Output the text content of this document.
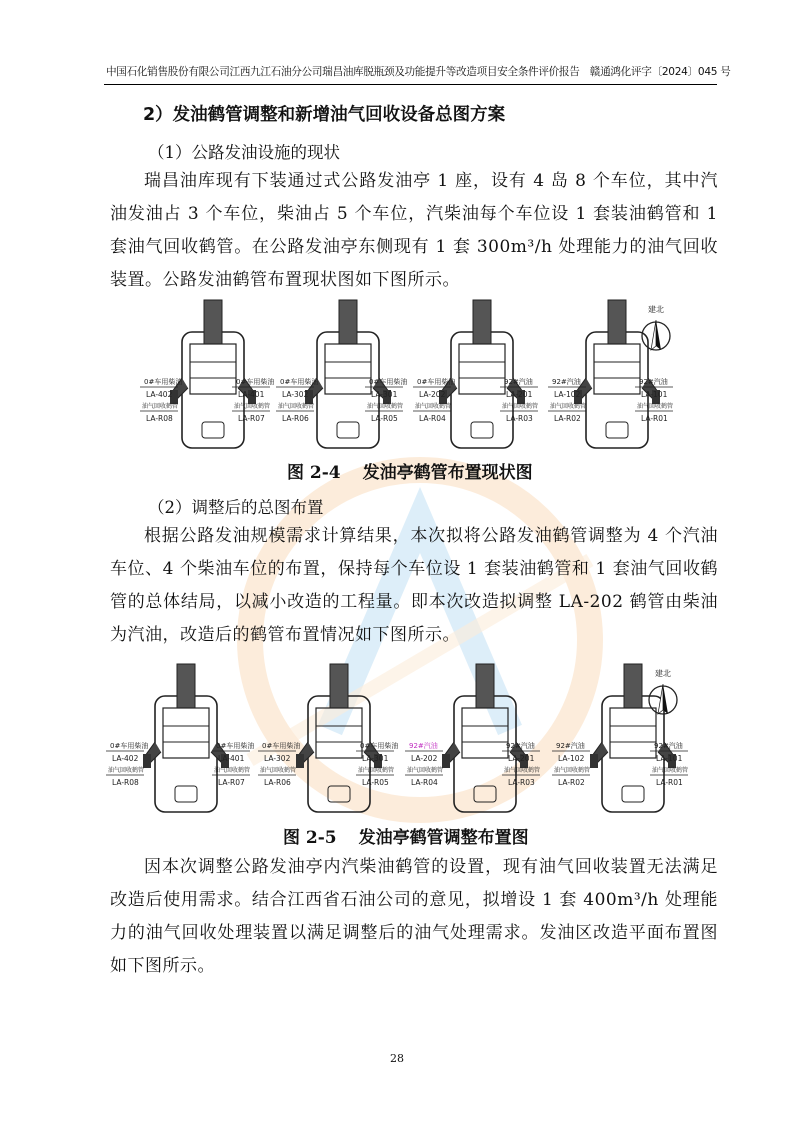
中国石化销售股份有限公司江西九江石油分公司瑞昌油库脱瓶颈及功能提升等改造项目安全条件评价报告　赣通鸿化评字〔2024〕045 号
2）发油鹤管调整和新增油气回收设备总图方案
（1）公路发油设施的现状
瑞昌油库现有下装通过式公路发油亭 1 座，设有 4 岛 8 个车位，其中汽油发油占 3 个车位，柴油占 5 个车位，汽柴油每个车位设 1 套装油鹤管和 1 套油气回收鹤管。在公路发油亭东侧现有 1 套 300m³/h 处理能力的油气回收装置。公路发油鹤管布置现状图如下图所示。
0#车用柴油
LA-402
油气回收鹤管
LA-R08
0#车用柴油
LA-401
油气回收鹤管
LA-R07
0#车用柴油
LA-302
油气回收鹤管
LA-R06
0#车用柴油
LA-301
油气回收鹤管
LA-R05
0#车用柴油
LA-202
油气回收鹤管
LA-R04
92#汽油
LA-201
油气回收鹤管
LA-R03
92#汽油
LA-102
油气回收鹤管
LA-R02
92#汽油
LA-101
油气回收鹤管
LA-R01
建北
图 2-4 发油亭鹤管布置现状图
（2）调整后的总图布置
根据公路发油规模需求计算结果，本次拟将公路发油鹤管调整为 4 个汽油车位、4 个柴油车位的布置，保持每个车位设 1 套装油鹤管和 1 套油气回收鹤管的总体结局，以减小改造的工程量。即本次改造拟调整 LA-202 鹤管由柴油为汽油，改造后的鹤管布置情况如下图所示。
0#车用柴油
LA-402
油气回收鹤管
LA-R08
0#车用柴油
LA-401
油气回收鹤管
LA-R07
0#车用柴油
LA-302
油气回收鹤管
LA-R06
0#车用柴油
LA-301
油气回收鹤管
LA-R05
92#汽油
LA-202
油气回收鹤管
LA-R04
92#汽油
LA-201
油气回收鹤管
LA-R03
92#汽油
LA-102
油气回收鹤管
LA-R02
92#汽油
LA-101
油气回收鹤管
LA-R01
建北
图 2-5 发油亭鹤管调整布置图
因本次调整公路发油亭内汽柴油鹤管的设置，现有油气回收装置无法满足改造后使用需求。结合江西省石油公司的意见，拟增设 1 套 400m³/h 处理能力的油气回收处理装置以满足调整后的油气处理需求。发油区改造平面布置图如下图所示。
28
